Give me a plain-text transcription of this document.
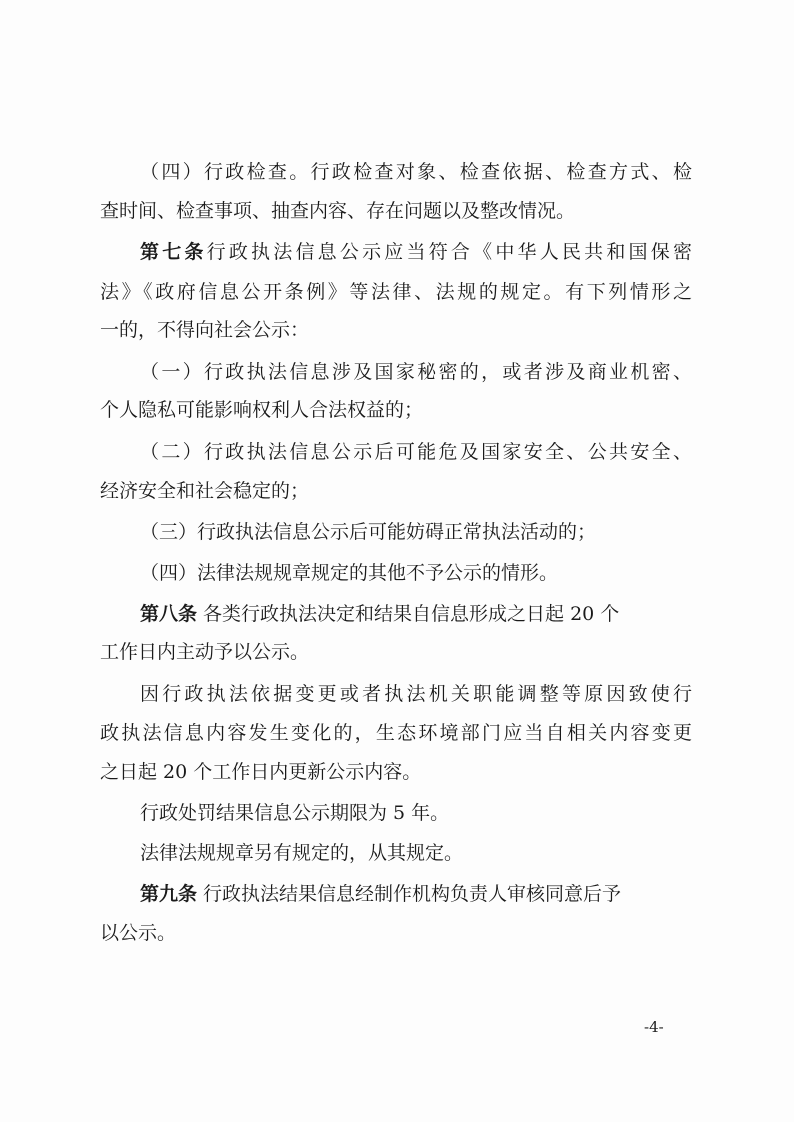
（四）行政检查。行政检查对象、检查依据、检查方式、检
查时间、检查事项、抽查内容、存在问题以及整改情况。
第七条行政执法信息公示应当符合《中华人民共和国保密
法》《政府信息公开条例》等法律、法规的规定。有下列情形之
一的，不得向社会公示：
（一）行政执法信息涉及国家秘密的，或者涉及商业机密、
个人隐私可能影响权利人合法权益的；
（二）行政执法信息公示后可能危及国家安全、公共安全、
经济安全和社会稳定的；
（三）行政执法信息公示后可能妨碍正常执法活动的；
（四）法律法规规章规定的其他不予公示的情形。
第八条 各类行政执法决定和结果自信息形成之日起 20 个
工作日内主动予以公示。
因行政执法依据变更或者执法机关职能调整等原因致使行
政执法信息内容发生变化的，生态环境部门应当自相关内容变更
之日起 20 个工作日内更新公示内容。
行政处罚结果信息公示期限为 5 年。
法律法规规章另有规定的，从其规定。
第九条 行政执法结果信息经制作机构负责人审核同意后予
以公示。
-4-
